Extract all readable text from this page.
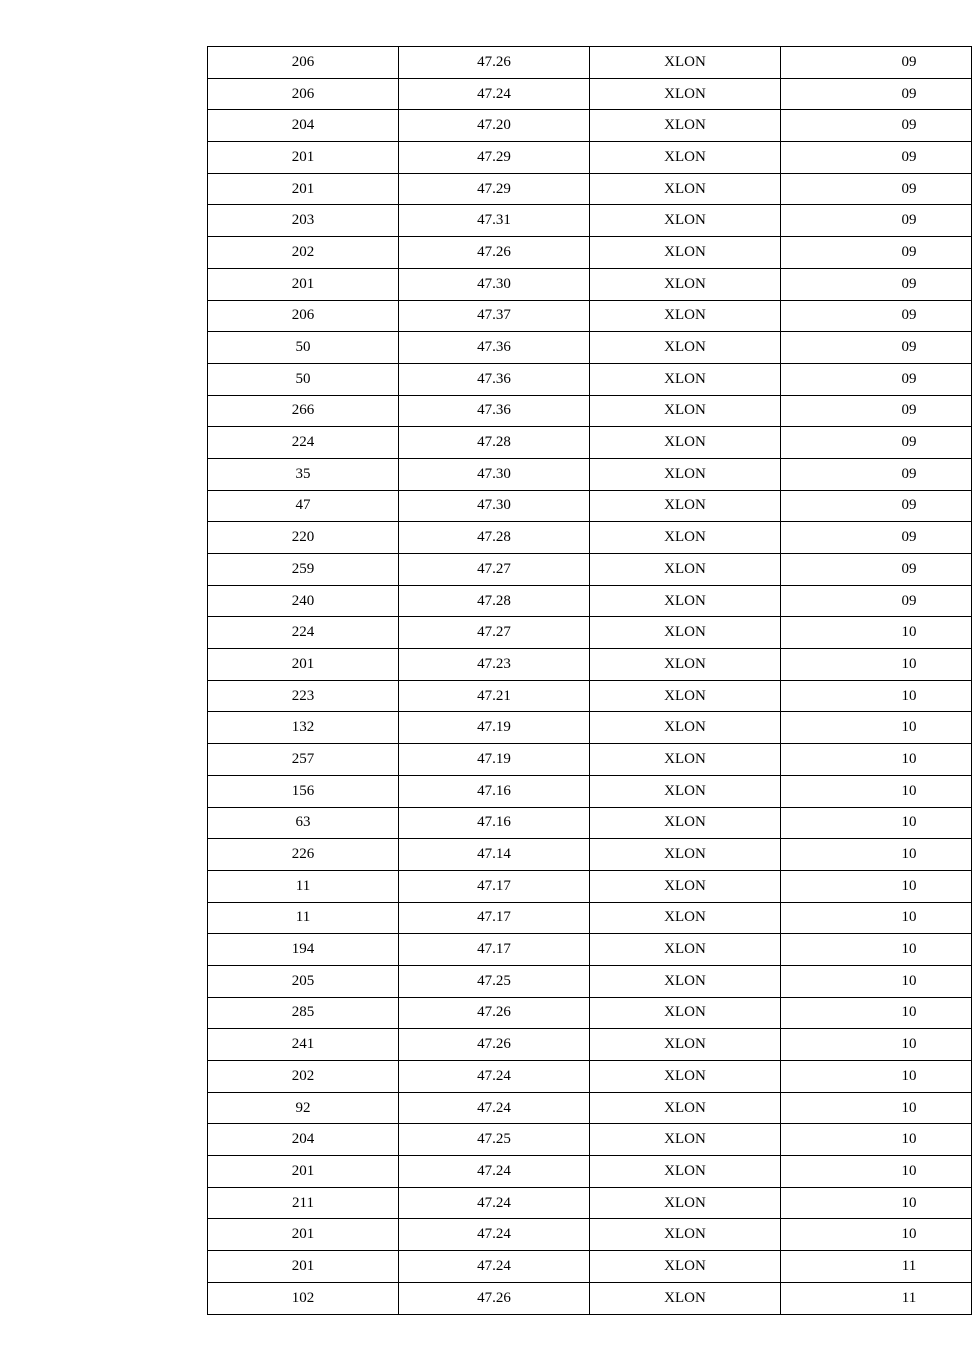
206	47.26	XLON	09
206	47.24	XLON	09
204	47.20	XLON	09
201	47.29	XLON	09
201	47.29	XLON	09
203	47.31	XLON	09
202	47.26	XLON	09
201	47.30	XLON	09
206	47.37	XLON	09
50	47.36	XLON	09
50	47.36	XLON	09
266	47.36	XLON	09
224	47.28	XLON	09
35	47.30	XLON	09
47	47.30	XLON	09
220	47.28	XLON	09
259	47.27	XLON	09
240	47.28	XLON	09
224	47.27	XLON	10
201	47.23	XLON	10
223	47.21	XLON	10
132	47.19	XLON	10
257	47.19	XLON	10
156	47.16	XLON	10
63	47.16	XLON	10
226	47.14	XLON	10
11	47.17	XLON	10
11	47.17	XLON	10
194	47.17	XLON	10
205	47.25	XLON	10
285	47.26	XLON	10
241	47.26	XLON	10
202	47.24	XLON	10
92	47.24	XLON	10
204	47.25	XLON	10
201	47.24	XLON	10
211	47.24	XLON	10
201	47.24	XLON	10
201	47.24	XLON	11
102	47.26	XLON	11
